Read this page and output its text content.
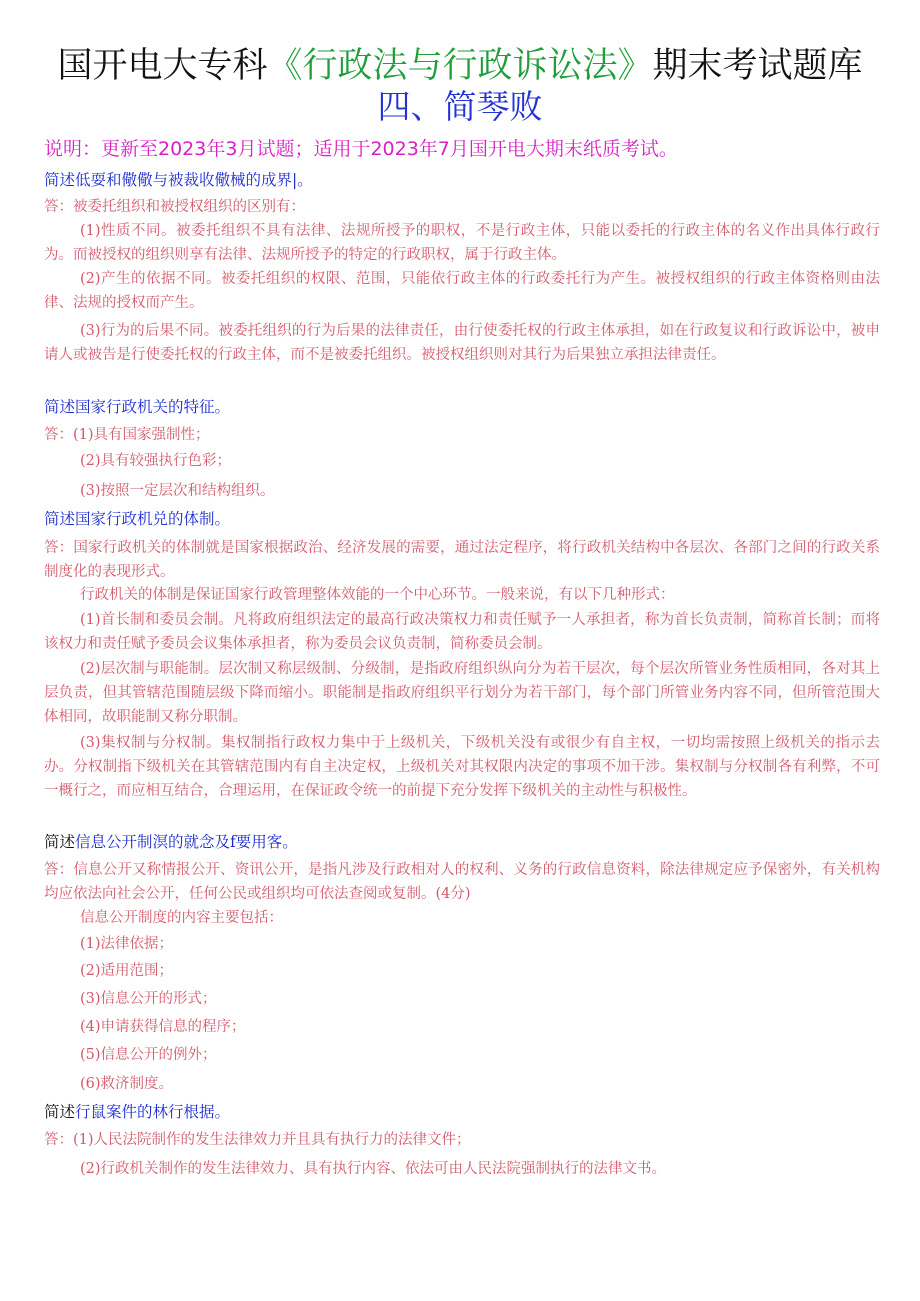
国开电大专科《行政法与行政诉讼法》期末考试题库
四、简琴败
说明：更新至2023年3月试题；适用于2023年7月国开电大期末纸质考试。
简述低耍和儆儆与被裁收儆械的成界|。
答：被委托组织和被授权组织的区别有：
(1)性质不同。被委托组织不具有法律、法规所授予的职权，不是行政主体，只能以委托的行政主体的名义作出具体行政行为。而被授权的组织则享有法律、法规所授予的特定的行政职权，属于行政主体。
(2)产生的依据不同。被委托组织的权限、范围，只能依行政主体的行政委托行为产生。被授权组织的行政主体资格则由法律、法规的授权而产生。
(3)行为的后果不同。被委托组织的行为后果的法律责任，由行使委托权的行政主体承担，如在行政复议和行政诉讼中，被申请人或被告是行使委托权的行政主体，而不是被委托组织。被授权组织则对其行为后果独立承担法律责任。
简述国家行政机关的特征。
答：(1)具有国家强制性；
(2)具有较强执行色彩；
(3)按照一定层次和结构组织。
简述国家行政机兑的体制。
答：国家行政机关的体制就是国家根据政治、经济发展的需要，通过法定程序，将行政机关结构中各层次、各部门之间的行政关系制度化的表现形式。
行政机关的体制是保证国家行政管理整体效能的一个中心环节。一般来说，有以下几种形式：
(1)首长制和委员会制。凡将政府组织法定的最高行政决策权力和责任赋予一人承担者，称为首长负责制，简称首长制；而将该权力和责任赋予委员会议集体承担者，称为委员会议负责制，简称委员会制。
(2)层次制与职能制。层次制又称层级制、分级制，是指政府组织纵向分为若干层次，每个层次所管业务性质相同，各对其上层负责，但其管辖范围随层级下降而缩小。职能制是指政府组织平行划分为若干部门，每个部门所管业务内容不同，但所管范围大体相同，故职能制又称分职制。
(3)集权制与分权制。集权制指行政权力集中于上级机关，下级机关没有或很少有自主权，一切均需按照上级机关的指示去办。分权制指下级机关在其管辖范围内有自主决定权，上级机关对其权限内决定的事项不加干涉。集权制与分权制各有利弊，不可一概行之，而应相互结合，合理运用，在保证政令统一的前提下充分发挥下级机关的主动性与积极性。
简述信息公开制溟的就念及f要用客。
答：信息公开又称情报公开、资讯公开，是指凡涉及行政相对人的权利、义务的行政信息资料，除法律规定应予保密外，有关机构均应依法向社会公开，任何公民或组织均可依法查阅或复制。(4分)
信息公开制度的内容主要包括：
(1)法律依据；
(2)适用范围；
(3)信息公开的形式；
(4)申请获得信息的程序；
(5)信息公开的例外；
(6)救济制度。
简述行鼠案件的林行根据。
答：(1)人民法院制作的发生法律效力并且具有执行力的法律文件；
(2)行政机关制作的发生法律效力、具有执行内容、依法可由人民法院强制执行的法律文书。
